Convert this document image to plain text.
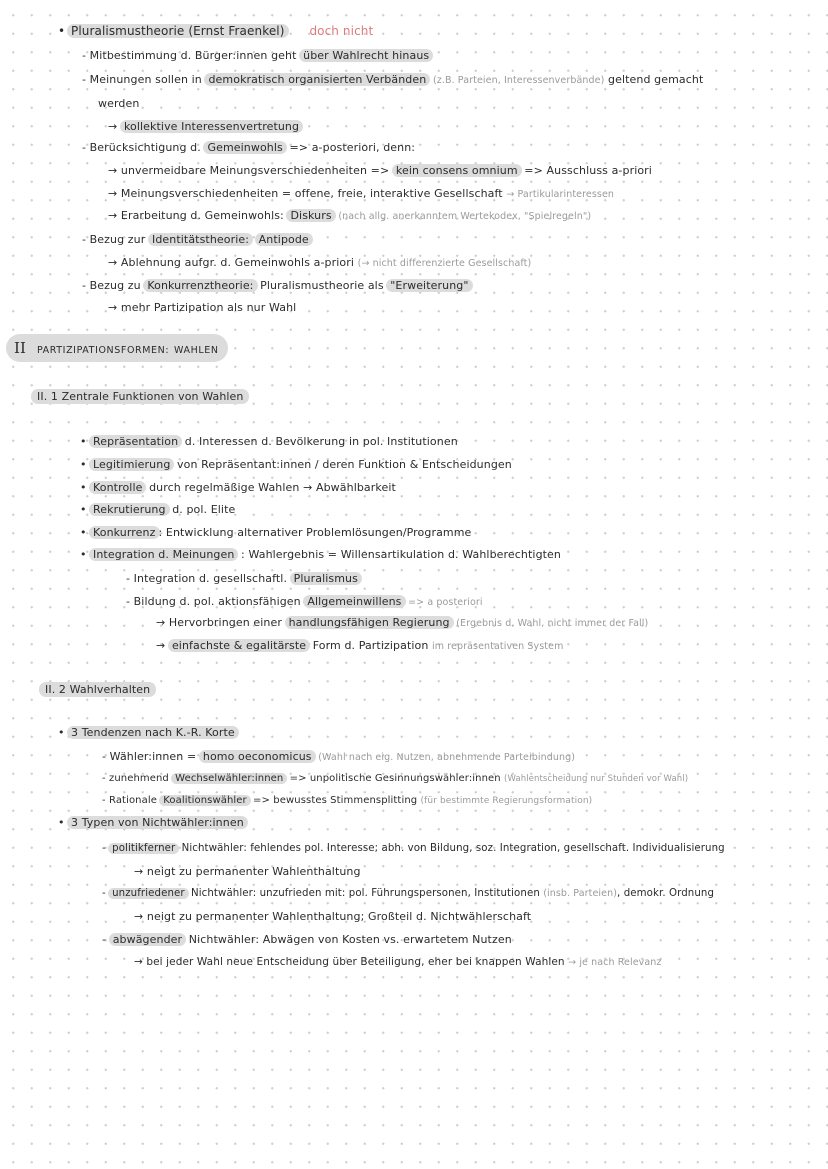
• Pluralismustheorie (Ernst Fraenkel) doch nicht
- Mitbestimmung d. Bürger:innen geht über Wahlrecht hinaus
- Meinungen sollen in demokratisch organisierten Verbänden (z.B. Parteien, Interessenverbände) geltend gemacht
werden
→ kollektive Interessenvertretung
- Berücksichtigung d. Gemeinwohls => a-posteriori, denn:
→ unvermeidbare Meinungsverschiedenheiten => kein consens omnium => Ausschluss a-priori
→ Meinungsverschiedenheiten = offene, freie, interaktive Gesellschaft → Partikularinteressen
→ Erarbeitung d. Gemeinwohls: Diskurs (nach allg. anerkanntem Wertekodex, "Spielregeln")
- Bezug zur Identitätstheorie: Antipode
→ Ablehnung aufgr. d. Gemeinwohls a-priori (→ nicht differenzierte Gesellschaft)
- Bezug zu Konkurrenztheorie: Pluralismustheorie als "Erweiterung"
→ mehr Partizipation als nur Wahl
II PARTIZIPATIONSFORMEN: WAHLEN
II. 1 Zentrale Funktionen von Wahlen
• Repräsentation d. Interessen d. Bevölkerung in pol. Institutionen
• Legitimierung von Repräsentant:innen / deren Funktion & Entscheidungen
• Kontrolle durch regelmäßige Wahlen → Abwählbarkeit
• Rekrutierung d. pol. Elite
• Konkurrenz : Entwicklung alternativer Problemlösungen/Programme
• Integration d. Meinungen : Wahlergebnis = Willensartikulation d. Wahlberechtigten
- Integration d. gesellschaftl. Pluralismus
- Bildung d. pol. aktionsfähigen Allgemeinwillens => a posteriori
→ Hervorbringen einer handlungsfähigen Regierung (Ergebnis d. Wahl, nicht immer der Fall)
→ einfachste & egalitärste Form d. Partizipation im repräsentativen System
II. 2 Wahlverhalten
• 3 Tendenzen nach K.-R. Korte
- Wähler:innen = homo oeconomicus (Wahl nach eig. Nutzen, abnehmende Parteibindung)
- zunehmend Wechselwähler:innen => unpolitische Gesinnungswähler:innen (Wahlentscheidung nur Stunden vor Wahl)
- Rationale Koalitionswähler => bewusstes Stimmensplitting (für bestimmte Regierungsformation)
• 3 Typen von Nichtwähler:innen
- politikferner Nichtwähler: fehlendes pol. Interesse; abh. von Bildung, soz. Integration, gesellschaft. Individualisierung
→ neigt zu permanenter Wahlenthaltung
- unzufriedener Nichtwähler: unzufrieden mit: pol. Führungspersonen, Institutionen (insb. Parteien), demokr. Ordnung
→ neigt zu permanenter Wahlenthaltung; Großteil d. Nichtwählerschaft
- abwägender Nichtwähler: Abwägen von Kosten vs. erwartetem Nutzen
→ bei jeder Wahl neue Entscheidung über Beteiligung, eher bei knappen Wahlen → je nach Relevanz
